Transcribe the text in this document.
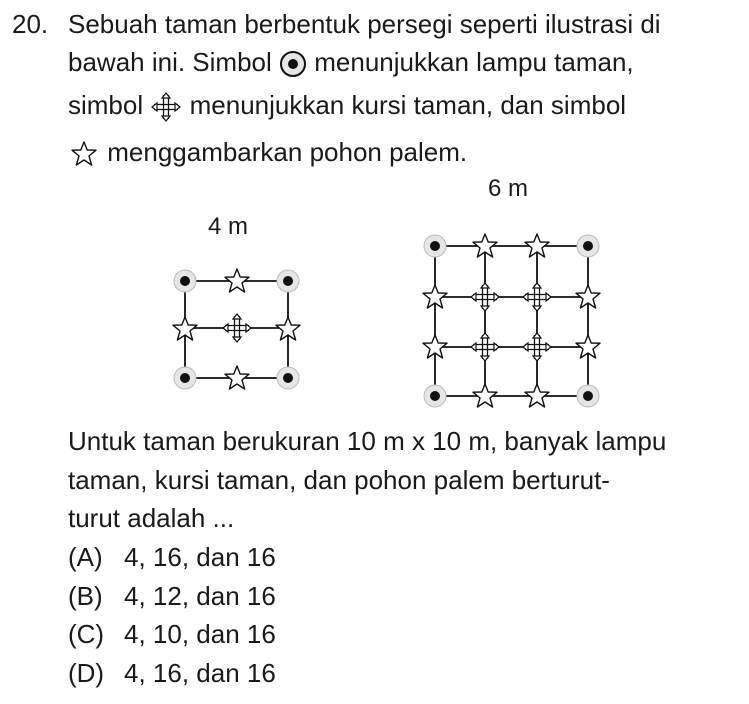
20. Sebuah taman berbentuk persegi seperti ilustrasi di
bawah ini. Simbol menunjukkan lampu taman,
simbol menunjukkan kursi taman, dan simbol
menggambarkan pohon palem.
4 m
6 m
Untuk taman berukuran 10 m x 10 m, banyak lampu
taman, kursi taman, dan pohon palem berturut-
turut adalah ...
(A) 4, 16, dan 16
(B) 4, 12, dan 16
(C) 4, 10, dan 16
(D) 4, 16, dan 16
